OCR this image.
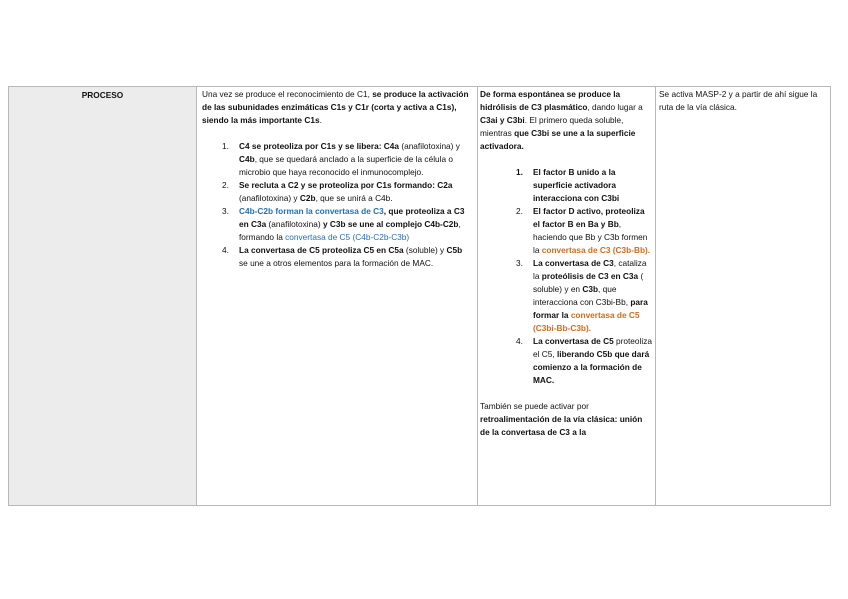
PROCESO	Una vez se produce el reconocimiento de C1, se produce la activación de las subunidades enzimáticas C1s y C1r (corta y activa a C1s), siendo la más importante C1s.

1. C4 se proteoliza por C1s y se libera: C4a (anafilotoxina) y C4b, que se quedará anclado a la superficie de la célula o microbio que haya reconocido el inmunocomplejo.
2. Se recluta a C2 y se proteoliza por C1s formando: C2a (anafilotoxina) y C2b, que se unirá a C4b.
3. C4b-C2b forman la convertasa de C3, que proteoliza a C3 en C3a (anafilotoxina) y C3b se une al complejo C4b-C2b, formando la convertasa de C5 (C4b-C2b-C3b)
4. La convertasa de C5 proteoliza C5 en C5a (soluble) y C5b se une a otros elementos para la formación de MAC.

De forma espontánea se produce la hidrólisis de C3 plasmático, dando lugar a C3ai y C3bi. El primero queda soluble, mientras que C3bi se une a la superficie activadora.

1. El factor B unido a la superficie activadora interacciona con C3bi
2. El factor D activo, proteoliza el factor B en Ba y Bb, haciendo que Bb y C3b formen la convertasa de C3 (C3b-Bb).
3. La convertasa de C3, cataliza la proteólisis de C3 en C3a ( soluble) y en C3b, que interacciona con C3bi-Bb, para formar la convertasa de C5 (C3bi-Bb-C3b).
4. La convertasa de C5 proteoliza el C5, liberando C5b que dará comienzo a la formación de MAC.

También se puede activar por retroalimentación de la vía clásica: unión de la convertasa de C3 a la

Se activa MASP-2 y a partir de ahí sigue la ruta de la vía clásica.
